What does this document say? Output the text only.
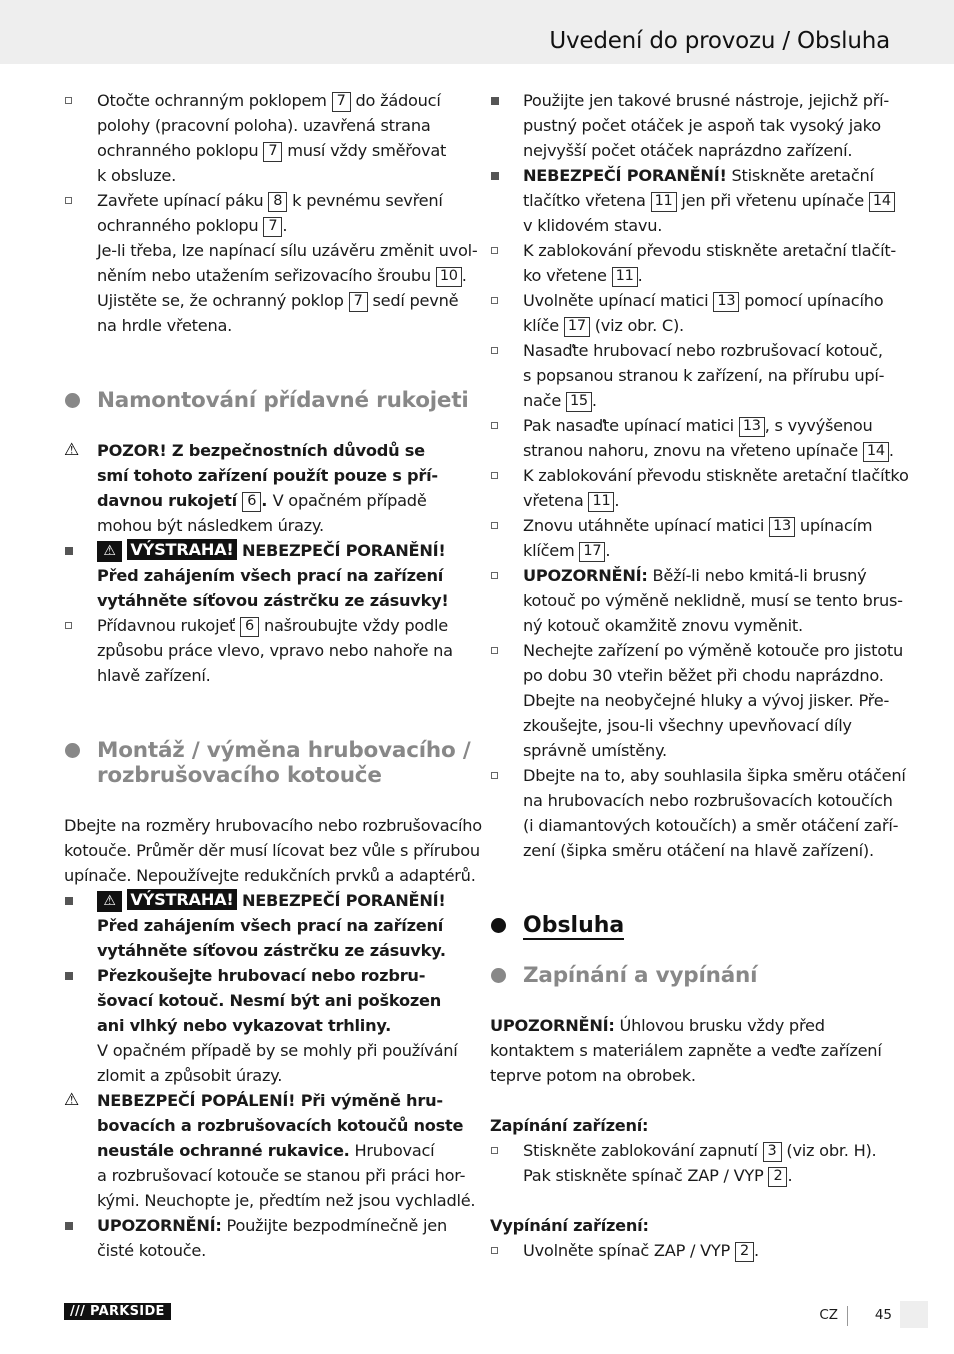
Uvedení do provozu / Obsluha
Otočte ochranným poklopem 7 do žádoucí
polohy (pracovní poloha). uzavřená strana
ochranného poklopu 7 musí vždy směřovat
k obsluze.
Zavřete upínací páku 8 k pevnému sevření
ochranného poklopu 7 .
Je-li třeba, lze napínací sílu uzávěru změnit uvol-
něním nebo utažením seřizovacího šroubu 10 .
Ujistěte se, že ochranný poklop 7 sedí pevně
na hrdle vřetena.
Namontování přídavné rukojeti
⚠	POZOR! Z bezpečnostních důvodů se
smí tohoto zařízení použít pouze s pří-
davnou rukojetí 6 . V opačném případě
mohou být následkem úrazy.
⚠ VÝSTRAHA! NEBEZPEČÍ PORANĚNÍ!
Před zahájením všech prací na zařízení
vytáhněte síťovou zástrčku ze zásuvky!
Přídavnou rukojeť 6 našroubujte vždy podle
způsobu práce vlevo, vpravo nebo nahoře na
hlavě zařízení.
Montáž / výměna hrubovacího /
rozbrušovacího kotouče
Dbejte na rozměry hrubovacího nebo rozbrušovacího
kotouče. Průměr děr musí lícovat bez vůle s přírubou
upínače. Nepoužívejte redukčních prvků a adaptérů.
⚠ VÝSTRAHA! NEBEZPEČÍ PORANĚNÍ!
Před zahájením všech prací na zařízení
vytáhněte síťovou zástrčku ze zásuvky.
Přezkoušejte hrubovací nebo rozbru-
šovací kotouč. Nesmí být ani poškozen
ani vlhký nebo vykazovat trhliny.
V opačném případě by se mohly při používání
zlomit a způsobit úrazy.
⚠	NEBEZPEČÍ POPÁLENÍ! Při výměně hru-
bovacích a rozbrušovacích kotoučů noste
neustále ochranné rukavice. Hrubovací
a rozbrušovací kotouče se stanou při práci hor-
kými. Neuchopte je, předtím než jsou vychladlé.
UPOZORNĚNÍ: Použijte bezpodmínečně jen
čisté kotouče.
Použijte jen takové brusné nástroje, jejichž pří-
pustný počet otáček je aspoň tak vysoký jako
nejvyšší počet otáček naprázdno zařízení.
NEBEZPEČÍ PORANĚNÍ! Stiskněte aretační
tlačítko vřetena 11 jen při vřetenu upínače 14
v klidovém stavu.
K zablokování převodu stiskněte aretační tlačít-
ko vřetene 11 .
Uvolněte upínací matici 13 pomocí upínacího
klíče 17 (viz obr. C).
Nasaďte hrubovací nebo rozbrušovací kotouč,
s popsanou stranou k zařízení, na přírubu upí-
nače 15 .
Pak nasaďte upínací matici 13 , s vyvýšenou
stranou nahoru, znovu na vřeteno upínače 14 .
K zablokování převodu stiskněte aretační tlačítko
vřetena 11 .
Znovu utáhněte upínací matici 13 upínacím
klíčem 17 .
UPOZORNĚNÍ: Běží-li nebo kmitá-li brusný
kotouč po výměně neklidně, musí se tento brus-
ný kotouč okamžitě znovu vyměnit.
Nechejte zařízení po výměně kotouče pro jistotu
po dobu 30 vteřin běžet při chodu naprázdno.
Dbejte na neobyčejné hluky a vývoj jisker. Pře-
zkoušejte, jsou-li všechny upevňovací díly
správně umístěny.
Dbejte na to, aby souhlasila šipka směru otáčení
na hrubovacích nebo rozbrušovacích kotoučích
(i diamantových kotoučích) a směr otáčení zaří-
zení (šipka směru otáčení na hlavě zařízení).
Obsluha
Zapínání a vypínání
UPOZORNĚNÍ: Úhlovou brusku vždy před
kontaktem s materiálem zapněte a veďte zařízení
teprve potom na obrobek.
Zapínání zařízení:
Stiskněte zablokování zapnutí 3 (viz obr. H).
Pak stiskněte spínač ZAP / VYP 2 .
Vypínání zařízení:
Uvolněte spínač ZAP / VYP 2 .
/// PARKSIDE	CZ	45
